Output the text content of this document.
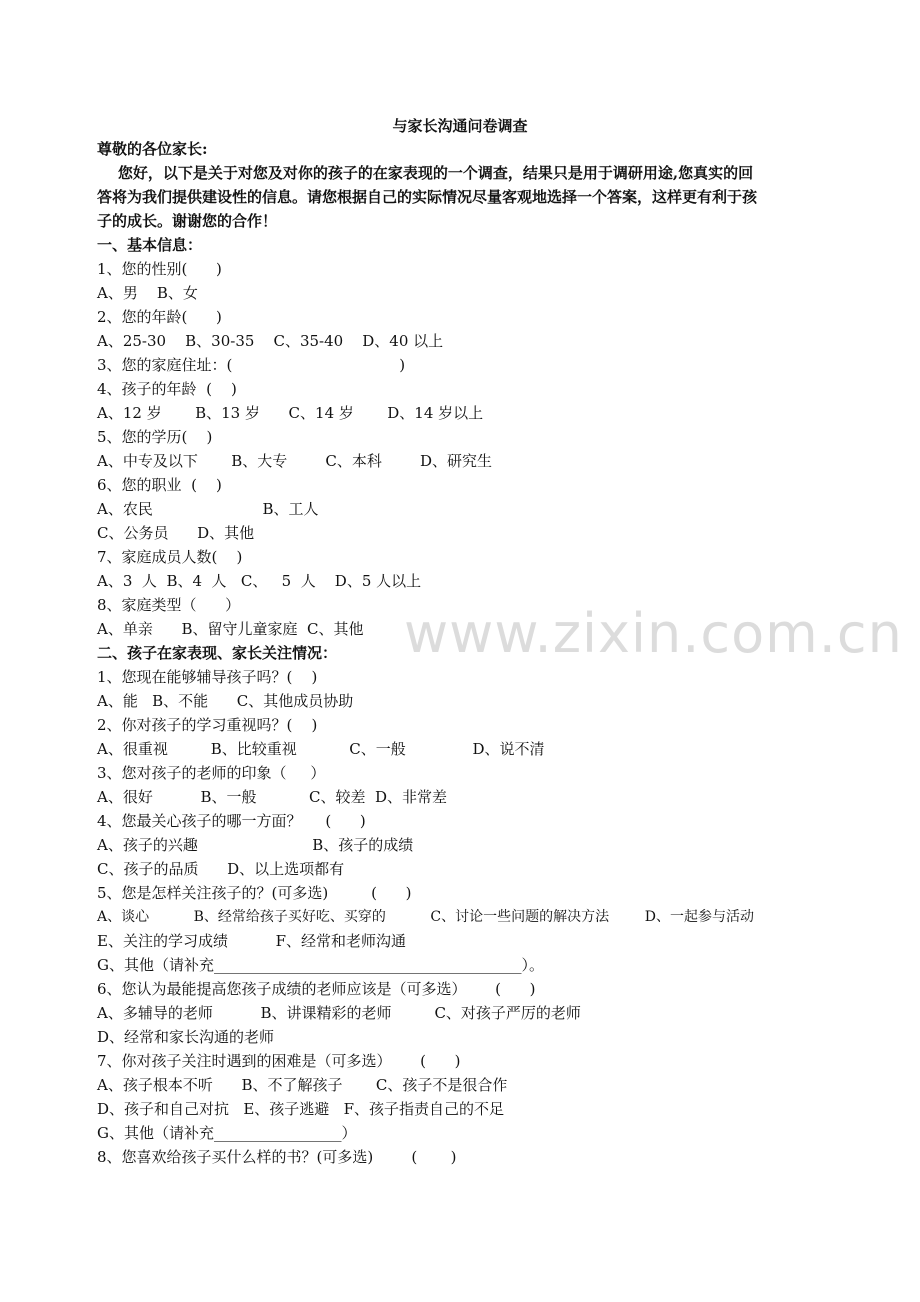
与家长沟通问卷调查
尊敬的各位家长:
您好，以下是关于对您及对你的孩子的在家表现的一个调查，结果只是用于调研用途,您真实的回
答将为我们提供建设性的信息。请您根据自己的实际情况尽量客观地选择一个答案，这样更有利于孩
子的成长。谢谢您的合作！
一、基本信息：
1、您的性别(      )
A、男    B、女
2、您的年龄(      )
A、25-30    B、30-35    C、35-40    D、40 以上
3、您的家庭住址：(                                   )
4、孩子的年龄  (    )
A、12 岁       B、13 岁      C、14 岁       D、14 岁以上
5、您的学历(    )
A、中专及以下       B、大专        C、本科        D、研究生
6、您的职业  (    )
A、农民                       B、工人
C、公务员      D、其他
7、家庭成员人数(    )
A、3  人  B、4  人   C、   5  人    D、5 人以上
8、家庭类型（      ）
A、单亲      B、留守儿童家庭  C、其他
二、孩子在家表现、家长关注情况：
1、您现在能够辅导孩子吗？(    )
A、能   B、不能      C、其他成员协助
2、你对孩子的学习重视吗？(    )
A、很重视         B、比较重视           C、一般              D、说不清
3、您对孩子的老师的印象（     ）
A、很好          B、一般           C、较差  D、非常差
4、您最关心孩子的哪一方面？     (      )
A、孩子的兴趣                        B、孩子的成绩
C、孩子的品质      D、以上选项都有
5、您是怎样关注孩子的？(可多选)         (      )
A、谈心          B、经常给孩子买好吃、买穿的          C、讨论一些问题的解决方法        D、一起参与活动
E、关注的学习成绩          F、经常和老师沟通
G、其他（请补充_________________________________________）。
6、您认为最能提高您孩子成绩的老师应该是（可多选）      (      )
A、多辅导的老师          B、讲课精彩的老师         C、对孩子严厉的老师
D、经常和家长沟通的老师
7、你对孩子关注时遇到的困难是（可多选）      (      )
A、孩子根本不听      B、不了解孩子       C、孩子不是很合作
D、孩子和自己对抗   E、孩子逃避   F、孩子指责自己的不足
G、其他（请补充_________________）
8、您喜欢给孩子买什么样的书？(可多选)        (       )
www.zixin.com.cn
